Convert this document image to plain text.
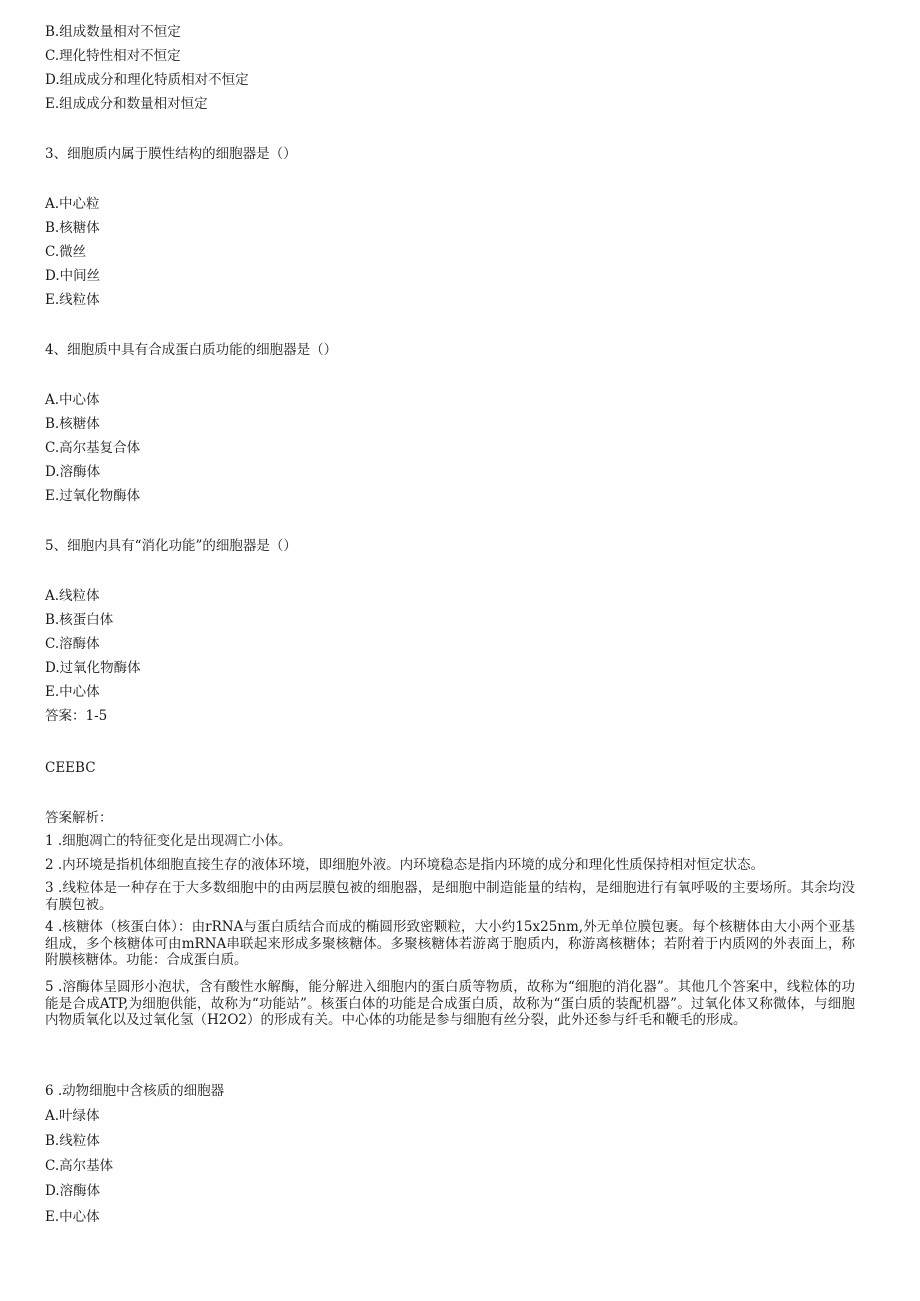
B.组成数量相对不恒定

C.理化特性相对不恒定

D.组成成分和理化特质相对不恒定

E.组成成分和数量相对恒定

3、细胞质内属于膜性结构的细胞器是（）

A.中心粒

B.核糖体

C.微丝

D.中间丝

E.线粒体

4、细胞质中具有合成蛋白质功能的细胞器是（）

A.中心体

B.核糖体

C.高尔基复合体

D.溶酶体

E.过氧化物酶体

5、细胞内具有“消化功能”的细胞器是（）

A.线粒体

B.核蛋白体

C.溶酶体

D.过氧化物酶体

E.中心体

答案：1-5

CEEBC

答案解析：

1 .细胞凋亡的特征变化是出现凋亡小体。

2 .内环境是指机体细胞直接生存的液体环境，即细胞外液。内环境稳态是指内环境的成分和理化性质保持相对恒定状态。

3 .线粒体是一种存在于大多数细胞中的由两层膜包被的细胞器，是细胞中制造能量的结构，是细胞进行有氧呼吸的主要场所。其余均没有膜包被。

4 .核糖体（核蛋白体）：由rRNA与蛋白质结合而成的椭圆形致密颗粒，大小约15x25nm,外无单位膜包裹。每个核糖体由大小两个亚基组成，多个核糖体可由mRNA串联起来形成多聚核糖体。多聚核糖体若游离于胞质内，称游离核糖体；若附着于内质网的外表面上，称附膜核糖体。功能：合成蛋白质。

5 .溶酶体呈圆形小泡状，含有酸性水解酶，能分解进入细胞内的蛋白质等物质，故称为“细胞的消化器”。其他几个答案中，线粒体的功能是合成ATP,为细胞供能，故称为“功能站”。核蛋白体的功能是合成蛋白质，故称为“蛋白质的装配机器”。过氧化体又称微体，与细胞内物质氧化以及过氧化氢（H2O2）的形成有关。中心体的功能是参与细胞有丝分裂，此外还参与纤毛和鞭毛的形成。

6 .动物细胞中含核质的细胞器

A.叶绿体

B.线粒体

C.高尔基体

D.溶酶体

E.中心体
